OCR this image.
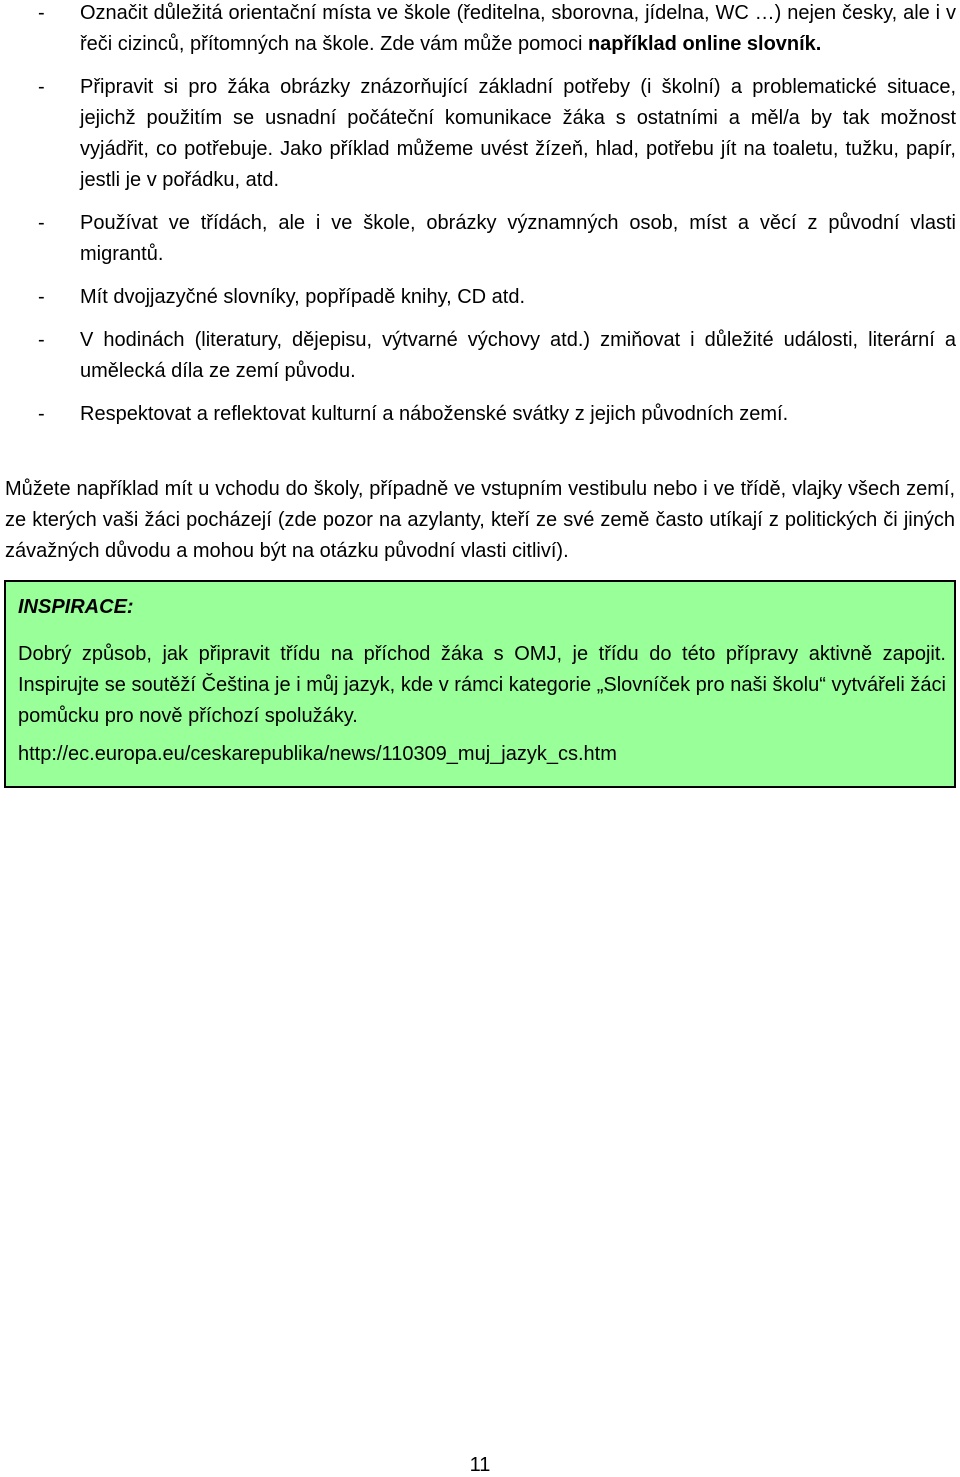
- Označit důležitá orientační místa ve škole (ředitelna, sborovna, jídelna, WC …) nejen česky, ale i v řeči cizinců, přítomných na škole. Zde vám může pomoci například online slovník.
- Připravit si pro žáka obrázky znázorňující základní potřeby (i školní) a problematické situace, jejichž použitím se usnadní počáteční komunikace žáka s ostatními a měl/a by tak možnost vyjádřit, co potřebuje. Jako příklad můžeme uvést žízeň, hlad, potřebu jít na toaletu, tužku, papír, jestli je v pořádku, atd.
- Používat ve třídách, ale i ve škole, obrázky významných osob, míst a věcí z původní vlasti migrantů.
- Mít dvojjazyčné slovníky, popřípadě knihy, CD atd.
- V hodinách (literatury, dějepisu, výtvarné výchovy atd.) zmiňovat i důležité události, literární a umělecká díla ze zemí původu.
- Respektovat a reflektovat kulturní a náboženské svátky z jejich původních zemí.

Můžete například mít u vchodu do školy, případně ve vstupním vestibulu nebo i ve třídě, vlajky všech zemí, ze kterých vaši žáci pocházejí (zde pozor na azylanty, kteří ze své země často utíkají z politických či jiných závažných důvodu a mohou být na otázku původní vlasti citliví).

INSPIRACE:

Dobrý způsob, jak připravit třídu na příchod žáka s OMJ, je třídu do této přípravy aktivně zapojit. Inspirujte se soutěží Čeština je i můj jazyk, kde v rámci kategorie „Slovníček pro naši školu“ vytvářeli žáci pomůcku pro nově příchozí spolužáky.

http://ec.europa.eu/ceskarepublika/news/110309_muj_jazyk_cs.htm

11
